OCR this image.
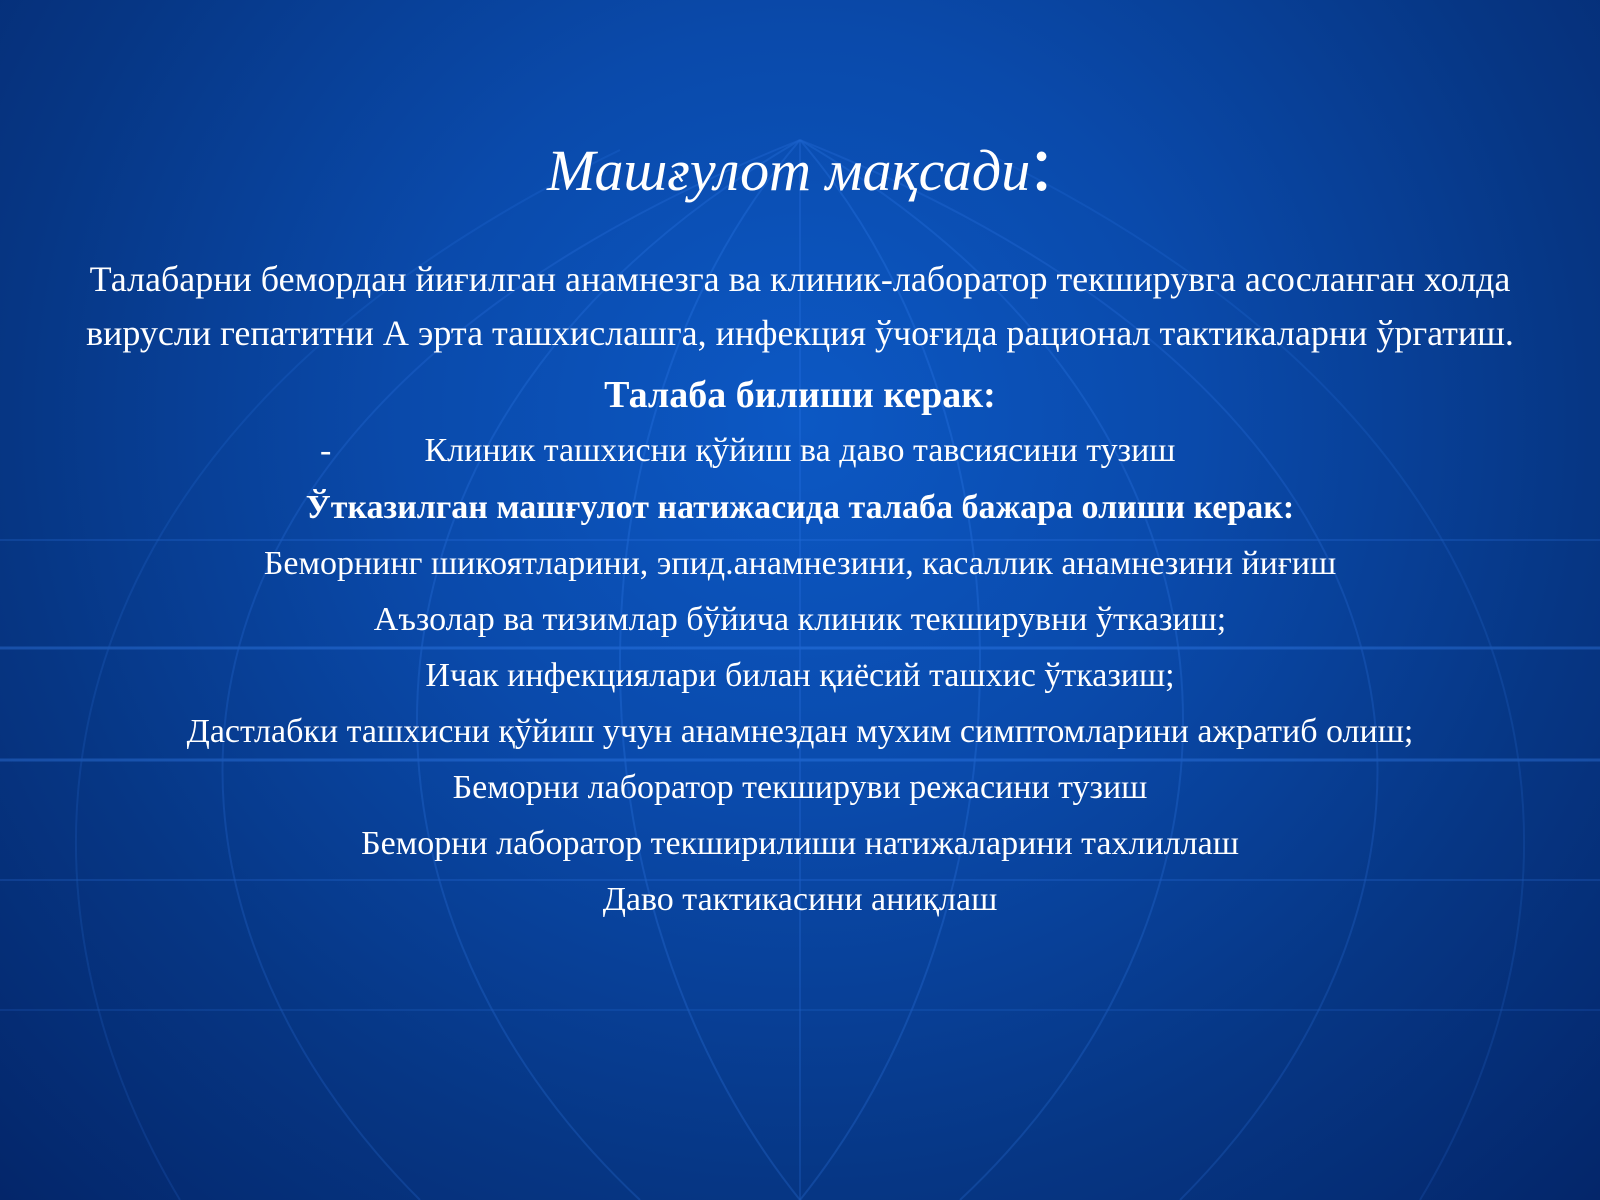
Машғулот мақсади:

Талабарни бемордан йиғилган анамнезга ва клиник-лаборатор текширувга асосланган холда вирусли гепатитни А эрта ташхислашга, инфекция ўчоғида рационал тактикаларни ўргатиш.

Талаба билиши керак:

-	Клиник ташхисни қўйиш ва даво тавсиясини тузиш

Ўтказилган машғулот натижасида талаба бажара олиши керак:

Беморнинг шикоятларини, эпид.анамнезини, касаллик анамнезини йиғиш

Аъзолар ва тизимлар бўйича клиник текширувни ўтказиш;

Ичак инфекциялари билан қиёсий ташхис ўтказиш;

Дастлабки ташхисни қўйиш учун анамнездан мухим симптомларини ажратиб олиш;

Беморни лаборатор текшируви режасини тузиш

Беморни лаборатор текширилиши натижаларини тахлиллаш

Даво тактикасини аниқлаш
